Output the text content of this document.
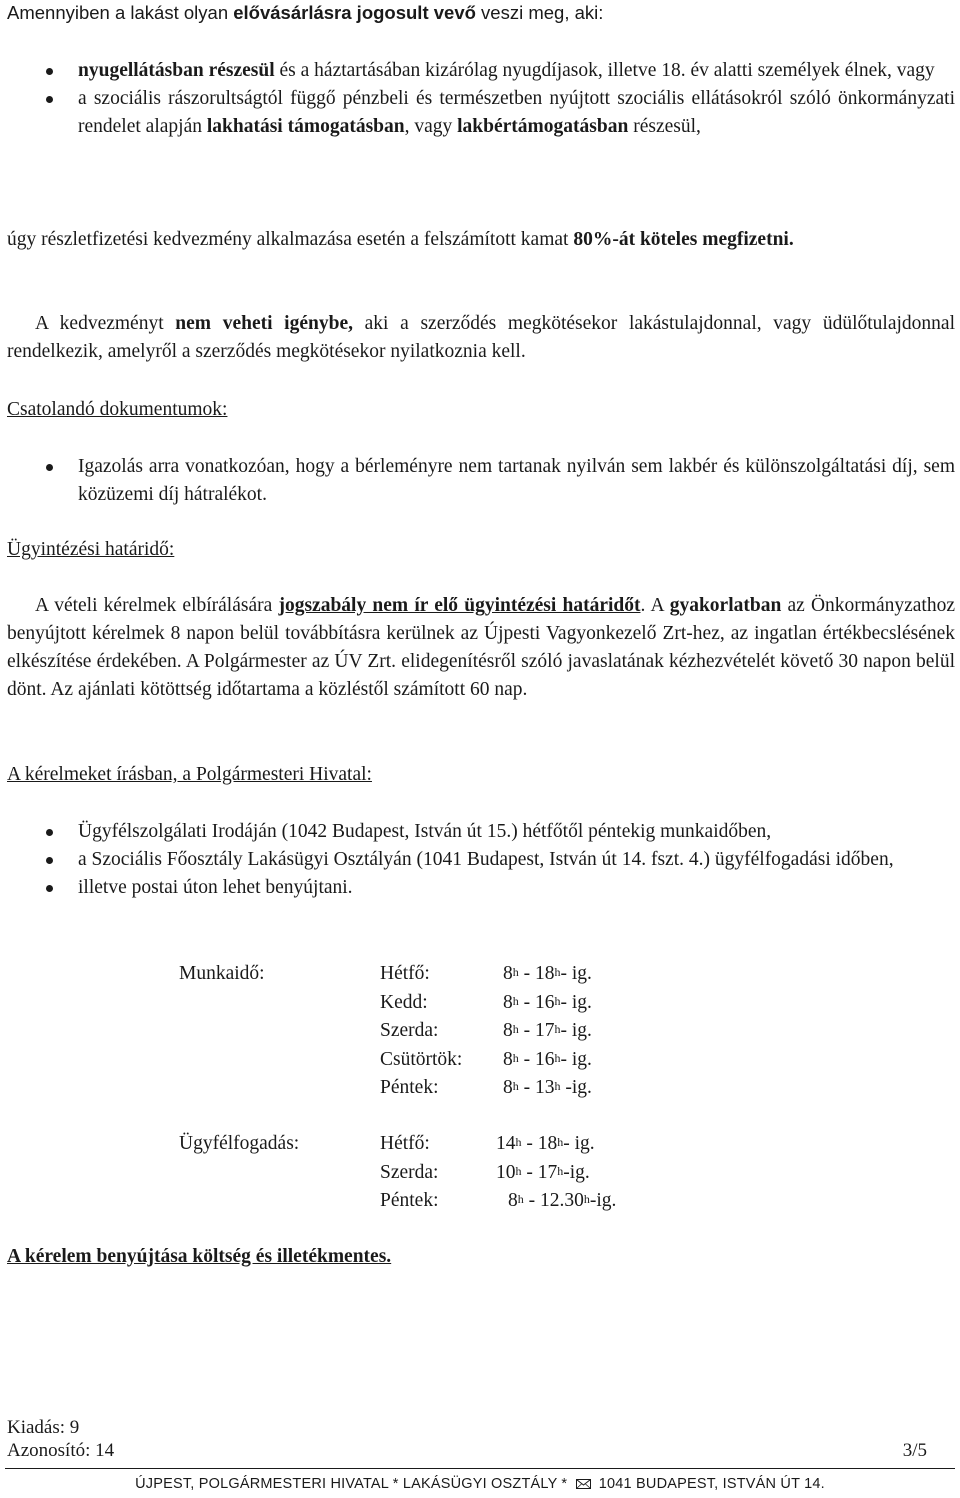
Amennyiben a lakást olyan elővásárlásra jogosult vevő veszi meg, aki:

nyugellátásban részesül és a háztartásában kizárólag nyugdíjasok, illetve 18. év alatti személyek élnek, vagy
a szociális rászorultságtól függő pénzbeli és természetben nyújtott szociális ellátásokról szóló önkormányzati rendelet alapján lakhatási támogatásban, vagy lakbértámogatásban részesül,

úgy részletfizetési kedvezmény alkalmazása esetén a felszámított kamat 80%-át köteles megfizetni.

A kedvezményt nem veheti igénybe, aki a szerződés megkötésekor lakástulajdonnal, vagy üdülőtulajdonnal rendelkezik, amelyről a szerződés megkötésekor nyilatkoznia kell.

Csatolandó dokumentumok:

Igazolás arra vonatkozóan, hogy a bérleményre nem tartanak nyilván sem lakbér és különszolgáltatási díj, sem közüzemi díj hátralékot.

Ügyintézési határidő:

A vételi kérelmek elbírálására jogszabály nem ír elő ügyintézési határidőt. A gyakorlatban az Önkormányzathoz benyújtott kérelmek 8 napon belül továbbításra kerülnek az Újpesti Vagyonkezelő Zrt-hez, az ingatlan értékbecslésének elkészítése érdekében. A Polgármester az ÚV Zrt. elidegenítésről szóló javaslatának kézhezvételét követő 30 napon belül dönt. Az ajánlati kötöttség időtartama a közléstől számított 60 nap.

A kérelmeket írásban, a Polgármesteri Hivatal:

Ügyfélszolgálati Irodáján (1042 Budapest, István út 15.) hétfőtől péntekig munkaidőben,
a Szociális Főosztály Lakásügyi Osztályán (1041 Budapest, István út 14. fszt. 4.) ügyfélfogadási időben,
illetve postai úton lehet benyújtani.
Munkaidő:	Hétfő:	8$^h$ - 18$^h$- ig.
Kedd:	8$^h$ - 16$^h$- ig.
Szerda:	8$^h$ - 17$^h$- ig.
Csütörtök: 8$^h$ - 16$^h$- ig.
Péntek:	8$^h$ - 13$^h$ -ig.
Ügyfélfogadás:	Hétfő:	14$^h$ - 18$^h$- ig.
Szerda:	10$^h$ - 17$^h$-ig.
Péntek:	8$^h$ - 12.30$^h$-ig.

A kérelem benyújtása költség és illetékmentes.

Kiadás: 9
Azonosító: 14	3/5
ÚJPEST, POLGÁRMESTERI HIVATAL * LAKÁSÜGYI OSZTÁLY * 1041 BUDAPEST, ISTVÁN ÚT 14.
